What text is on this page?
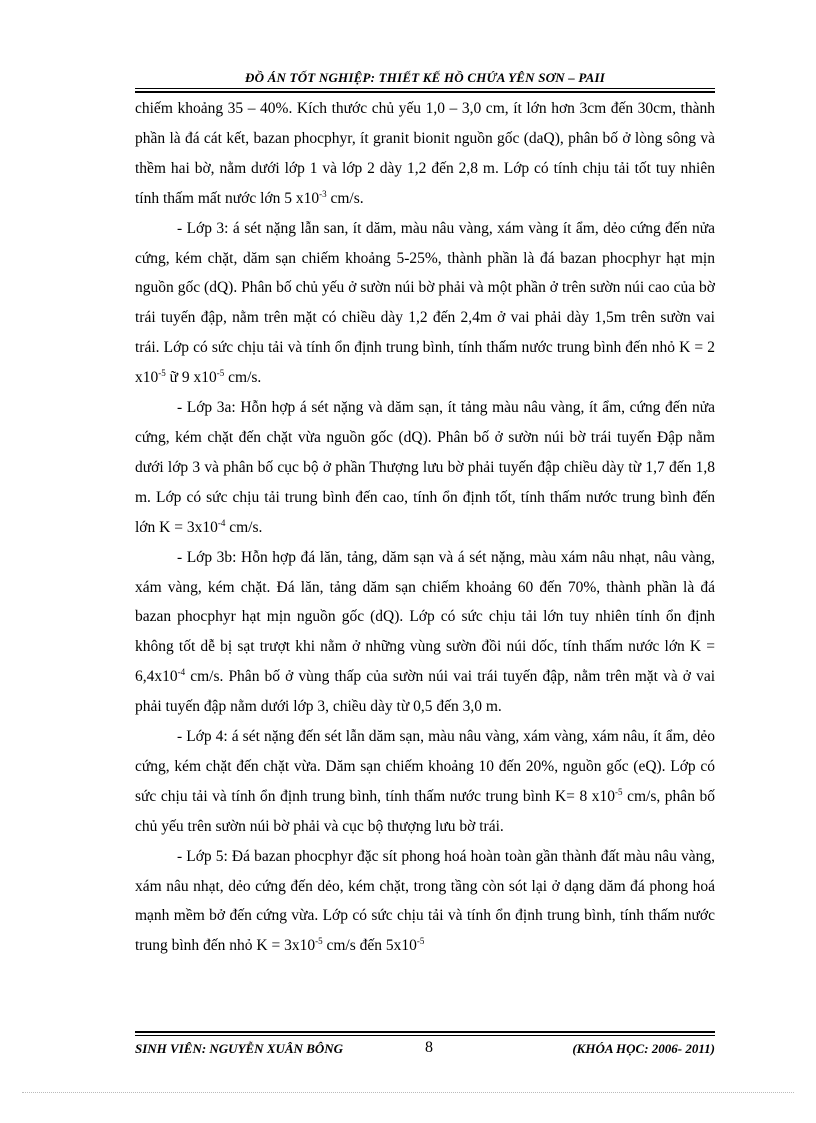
ĐỒ ÁN TỐT NGHIỆP: THIẾT KẾ HỒ CHỨA YÊN SƠN – PAII

chiếm khoảng 35 – 40%. Kích thước chủ yếu 1,0 – 3,0 cm, ít lớn hơn 3cm đến 30cm, thành phần là đá cát kết, bazan phocphyr, ít granit bionit nguồn gốc (daQ), phân bố ở lòng sông và thềm hai bờ, nằm dưới lớp 1 và lớp 2 dày 1,2 đến 2,8 m. Lớp có tính chịu tải tốt tuy nhiên tính thấm mất nước lớn 5 $x10^{-3}$ cm/s.

- Lớp 3: á sét nặng lẫn san, ít dăm, màu nâu vàng, xám vàng ít ẩm, dẻo cứng đến nửa cứng, kém chặt, dăm sạn chiếm khoảng 5-25%, thành phần là đá bazan phocphyr hạt mịn nguồn gốc (dQ). Phân bố chủ yếu ở sườn núi bờ phải và một phần ở trên sườn núi cao của bờ trái tuyến đập, nằm trên mặt có chiều dày 1,2 đến 2,4m ở vai phải dày 1,5m trên sườn vai trái. Lớp có sức chịu tải và tính ổn định trung bình, tính thấm nước trung bình đến nhỏ K = 2 $x10^{-5}$ ữ 9 $x10^{-5}$ cm/s.

- Lớp 3a: Hỗn hợp á sét nặng và dăm sạn, ít tảng màu nâu vàng, ít ẩm, cứng đến nửa cứng, kém chặt đến chặt vừa nguồn gốc (dQ). Phân bố ở sườn núi bờ trái tuyến Đập nằm dưới lớp 3 và phân bố cục bộ ở phần Thượng lưu bờ phải tuyến đập chiều dày từ 1,7 đến 1,8 m. Lớp có sức chịu tải trung bình đến cao, tính ổn định tốt, tính thấm nước trung bình đến lớn $K = 3x10^{-4}$ cm/s.

- Lớp 3b: Hỗn hợp đá lăn, tảng, dăm sạn và á sét nặng, màu xám nâu nhạt, nâu vàng, xám vàng, kém chặt. Đá lăn, tảng dăm sạn chiếm khoảng 60 đến 70%, thành phần là đá bazan phocphyr hạt mịn nguồn gốc (dQ). Lớp có sức chịu tải lớn tuy nhiên tính ổn định không tốt dễ bị sạt trượt khi nằm ở những vùng sườn đồi núi dốc, tính thấm nước lớn $K = 6,4x10^{-4}$ cm/s. Phân bố ở vùng thấp của sườn núi vai trái tuyến đập, nằm trên mặt và ở vai phải tuyến đập nằm dưới lớp 3, chiều dày từ 0,5 đến 3,0 m.

- Lớp 4: á sét nặng đến sét lẫn dăm sạn, màu nâu vàng, xám vàng, xám nâu, ít ẩm, dẻo cứng, kém chặt đến chặt vừa. Dăm sạn chiếm khoảng 10 đến 20%, nguồn gốc (eQ). Lớp có sức chịu tải và tính ổn định trung bình, tính thấm nước trung bình K= 8 $x10^{-5}$ cm/s, phân bố chủ yếu trên sườn núi bờ phải và cục bộ thượng lưu bờ trái.

- Lớp 5: Đá bazan phocphyr đặc sít phong hoá hoàn toàn gần thành đất màu nâu vàng, xám nâu nhạt, dẻo cứng đến dẻo, kém chặt, trong tầng còn sót lại ở dạng dăm đá phong hoá mạnh mềm bở đến cứng vừa. Lớp có sức chịu tải và tính ổn định trung bình, tính thấm nước trung bình đến nhỏ $K = 3x10^{-5}$ cm/s đến $5x10^{-5}$

SINH VIÊN: NGUYỄN XUÂN BÔNG	8	(KHÓA HỌC: 2006- 2011)
